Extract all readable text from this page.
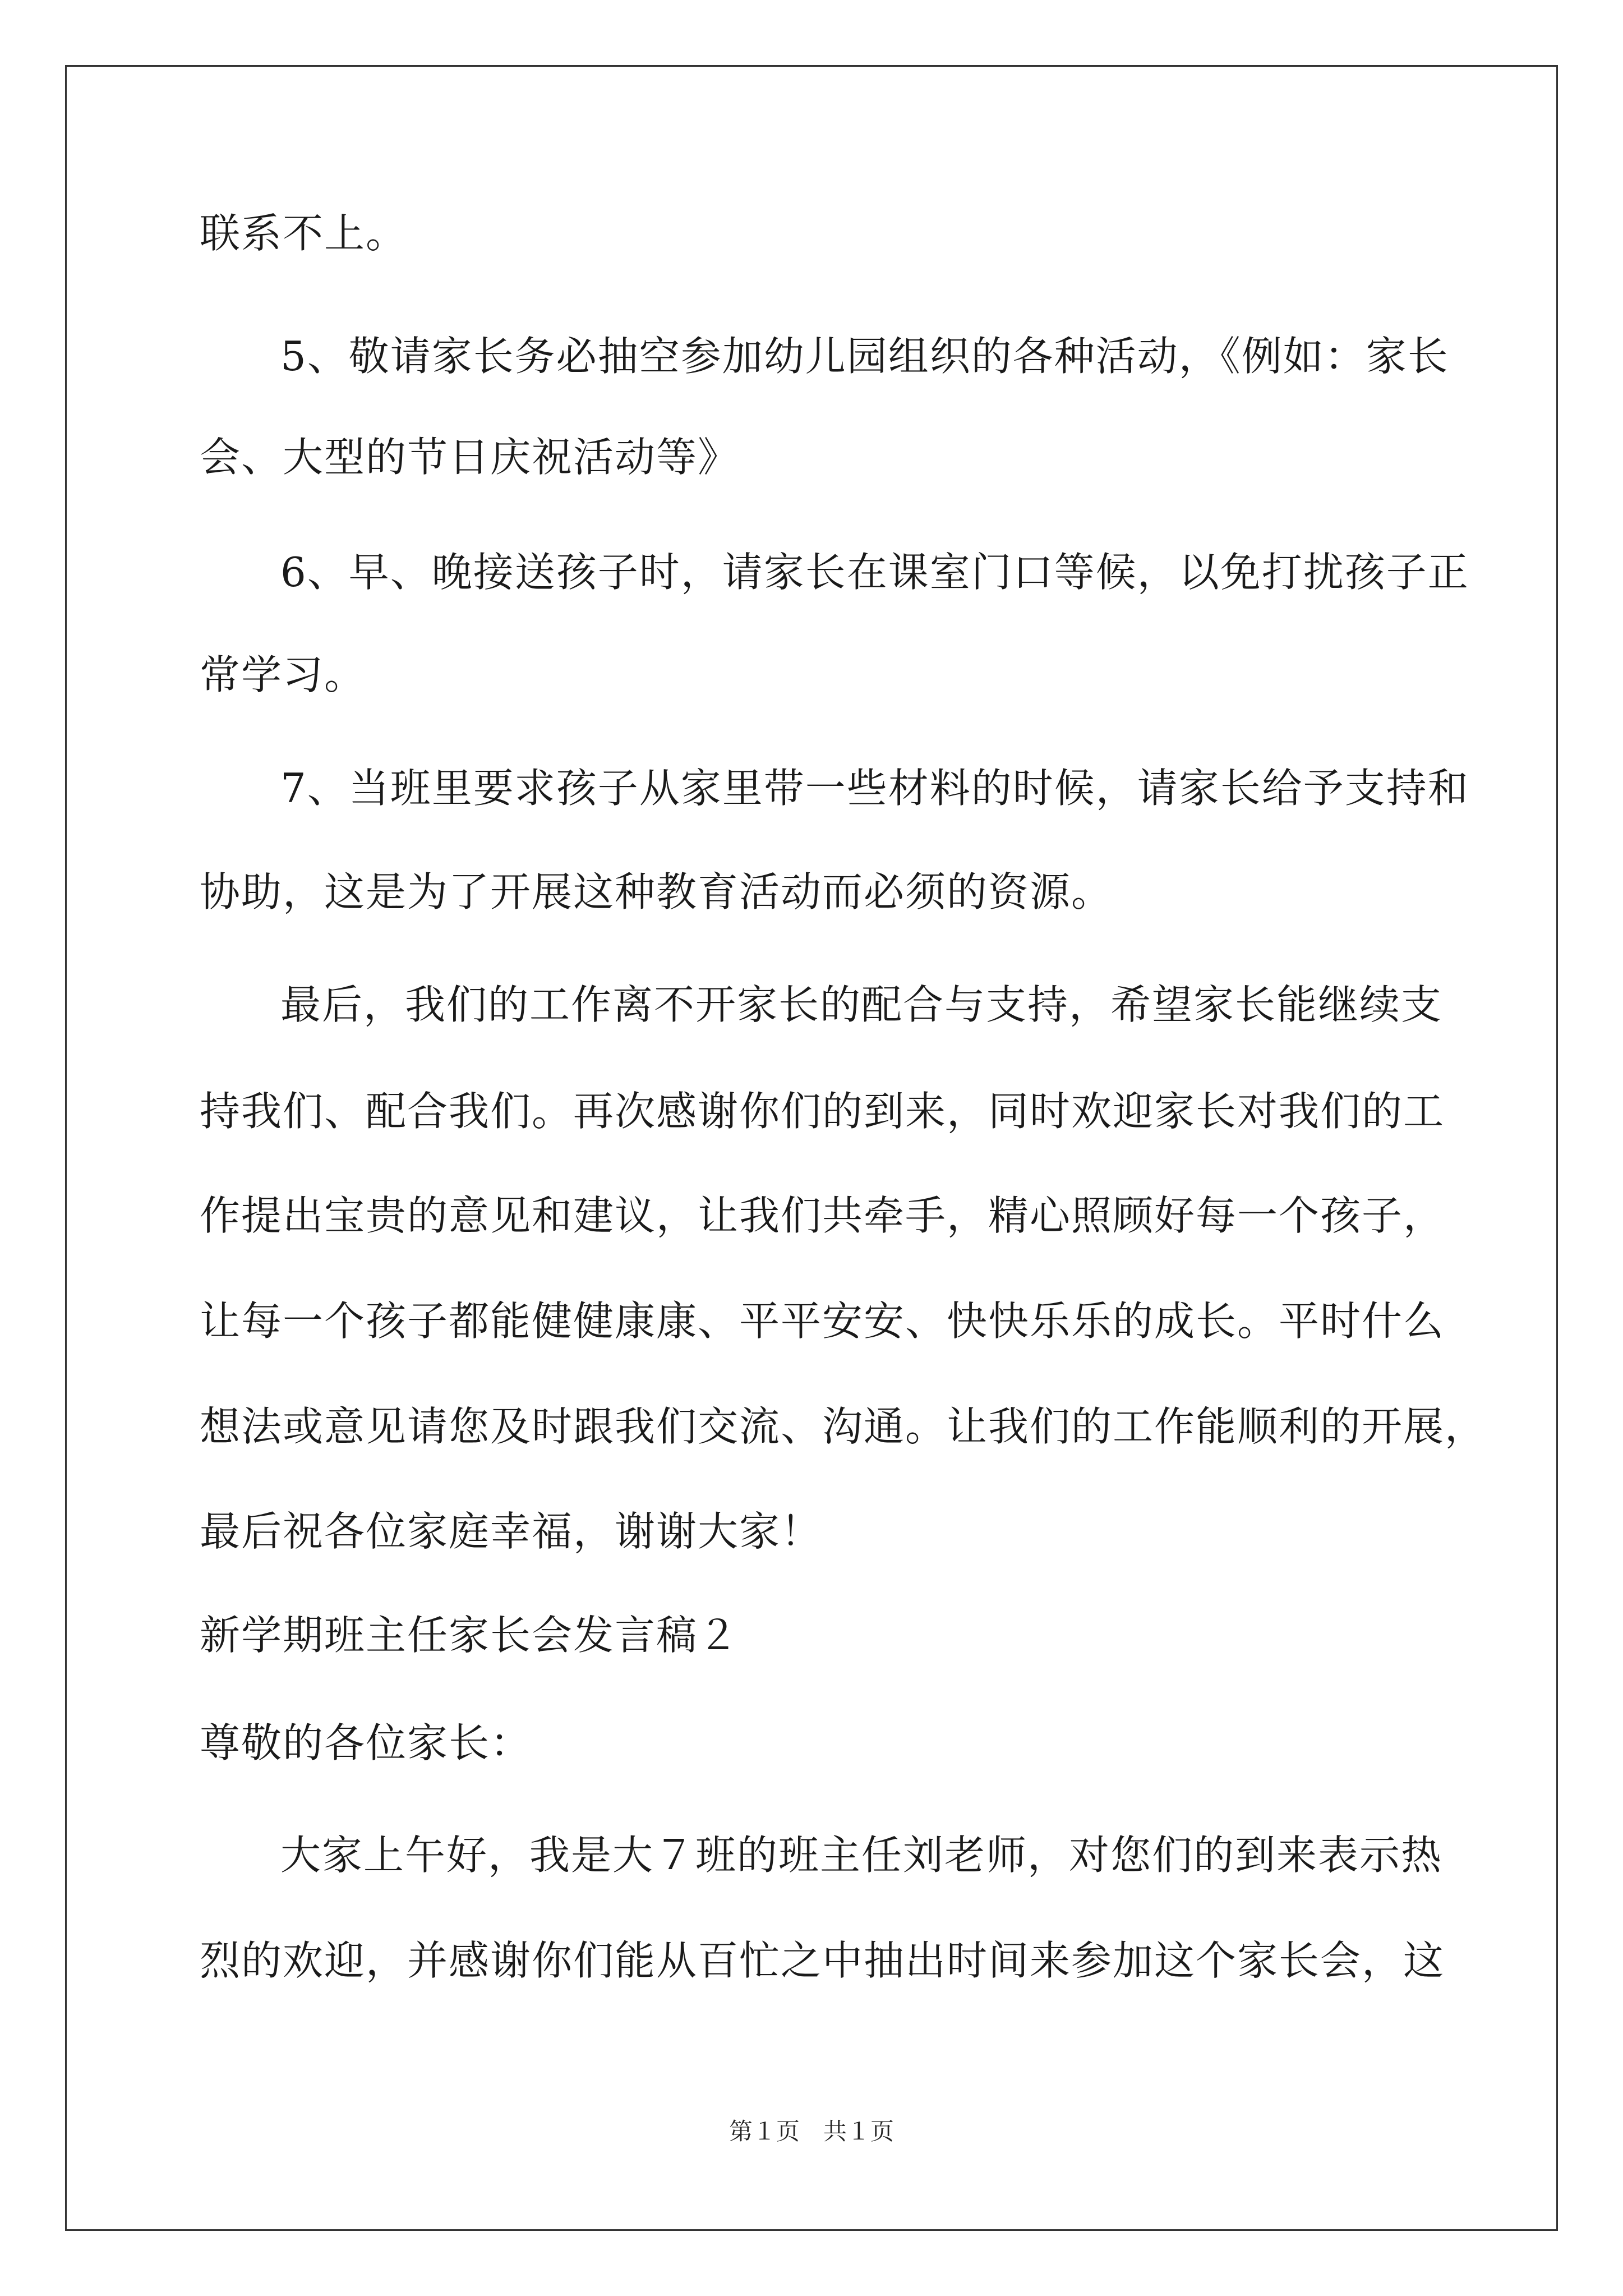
联系不上。
5、敬请家长务必抽空参加幼儿园组织的各种活动，《例如：家长
会、大型的节日庆祝活动等》
6、早、晚接送孩子时，请家长在课室门口等候，以免打扰孩子正
常学习。
7、当班里要求孩子从家里带一些材料的时候，请家长给予支持和
协助，这是为了开展这种教育活动而必须的资源。
最后，我们的工作离不开家长的配合与支持，希望家长能继续支
持我们、配合我们。再次感谢你们的到来，同时欢迎家长对我们的工
作提出宝贵的意见和建议，让我们共牵手，精心照顾好每一个孩子，
让每一个孩子都能健健康康、平平安安、快快乐乐的成长。平时什么
想法或意见请您及时跟我们交流、沟通。让我们的工作能顺利的开展，
最后祝各位家庭幸福，谢谢大家！
新学期班主任家长会发言稿２
尊敬的各位家长：
大家上午好，我是大７班的班主任刘老师，对您们的到来表示热
烈的欢迎，并感谢你们能从百忙之中抽出时间来参加这个家长会，这
第１页　共１页
